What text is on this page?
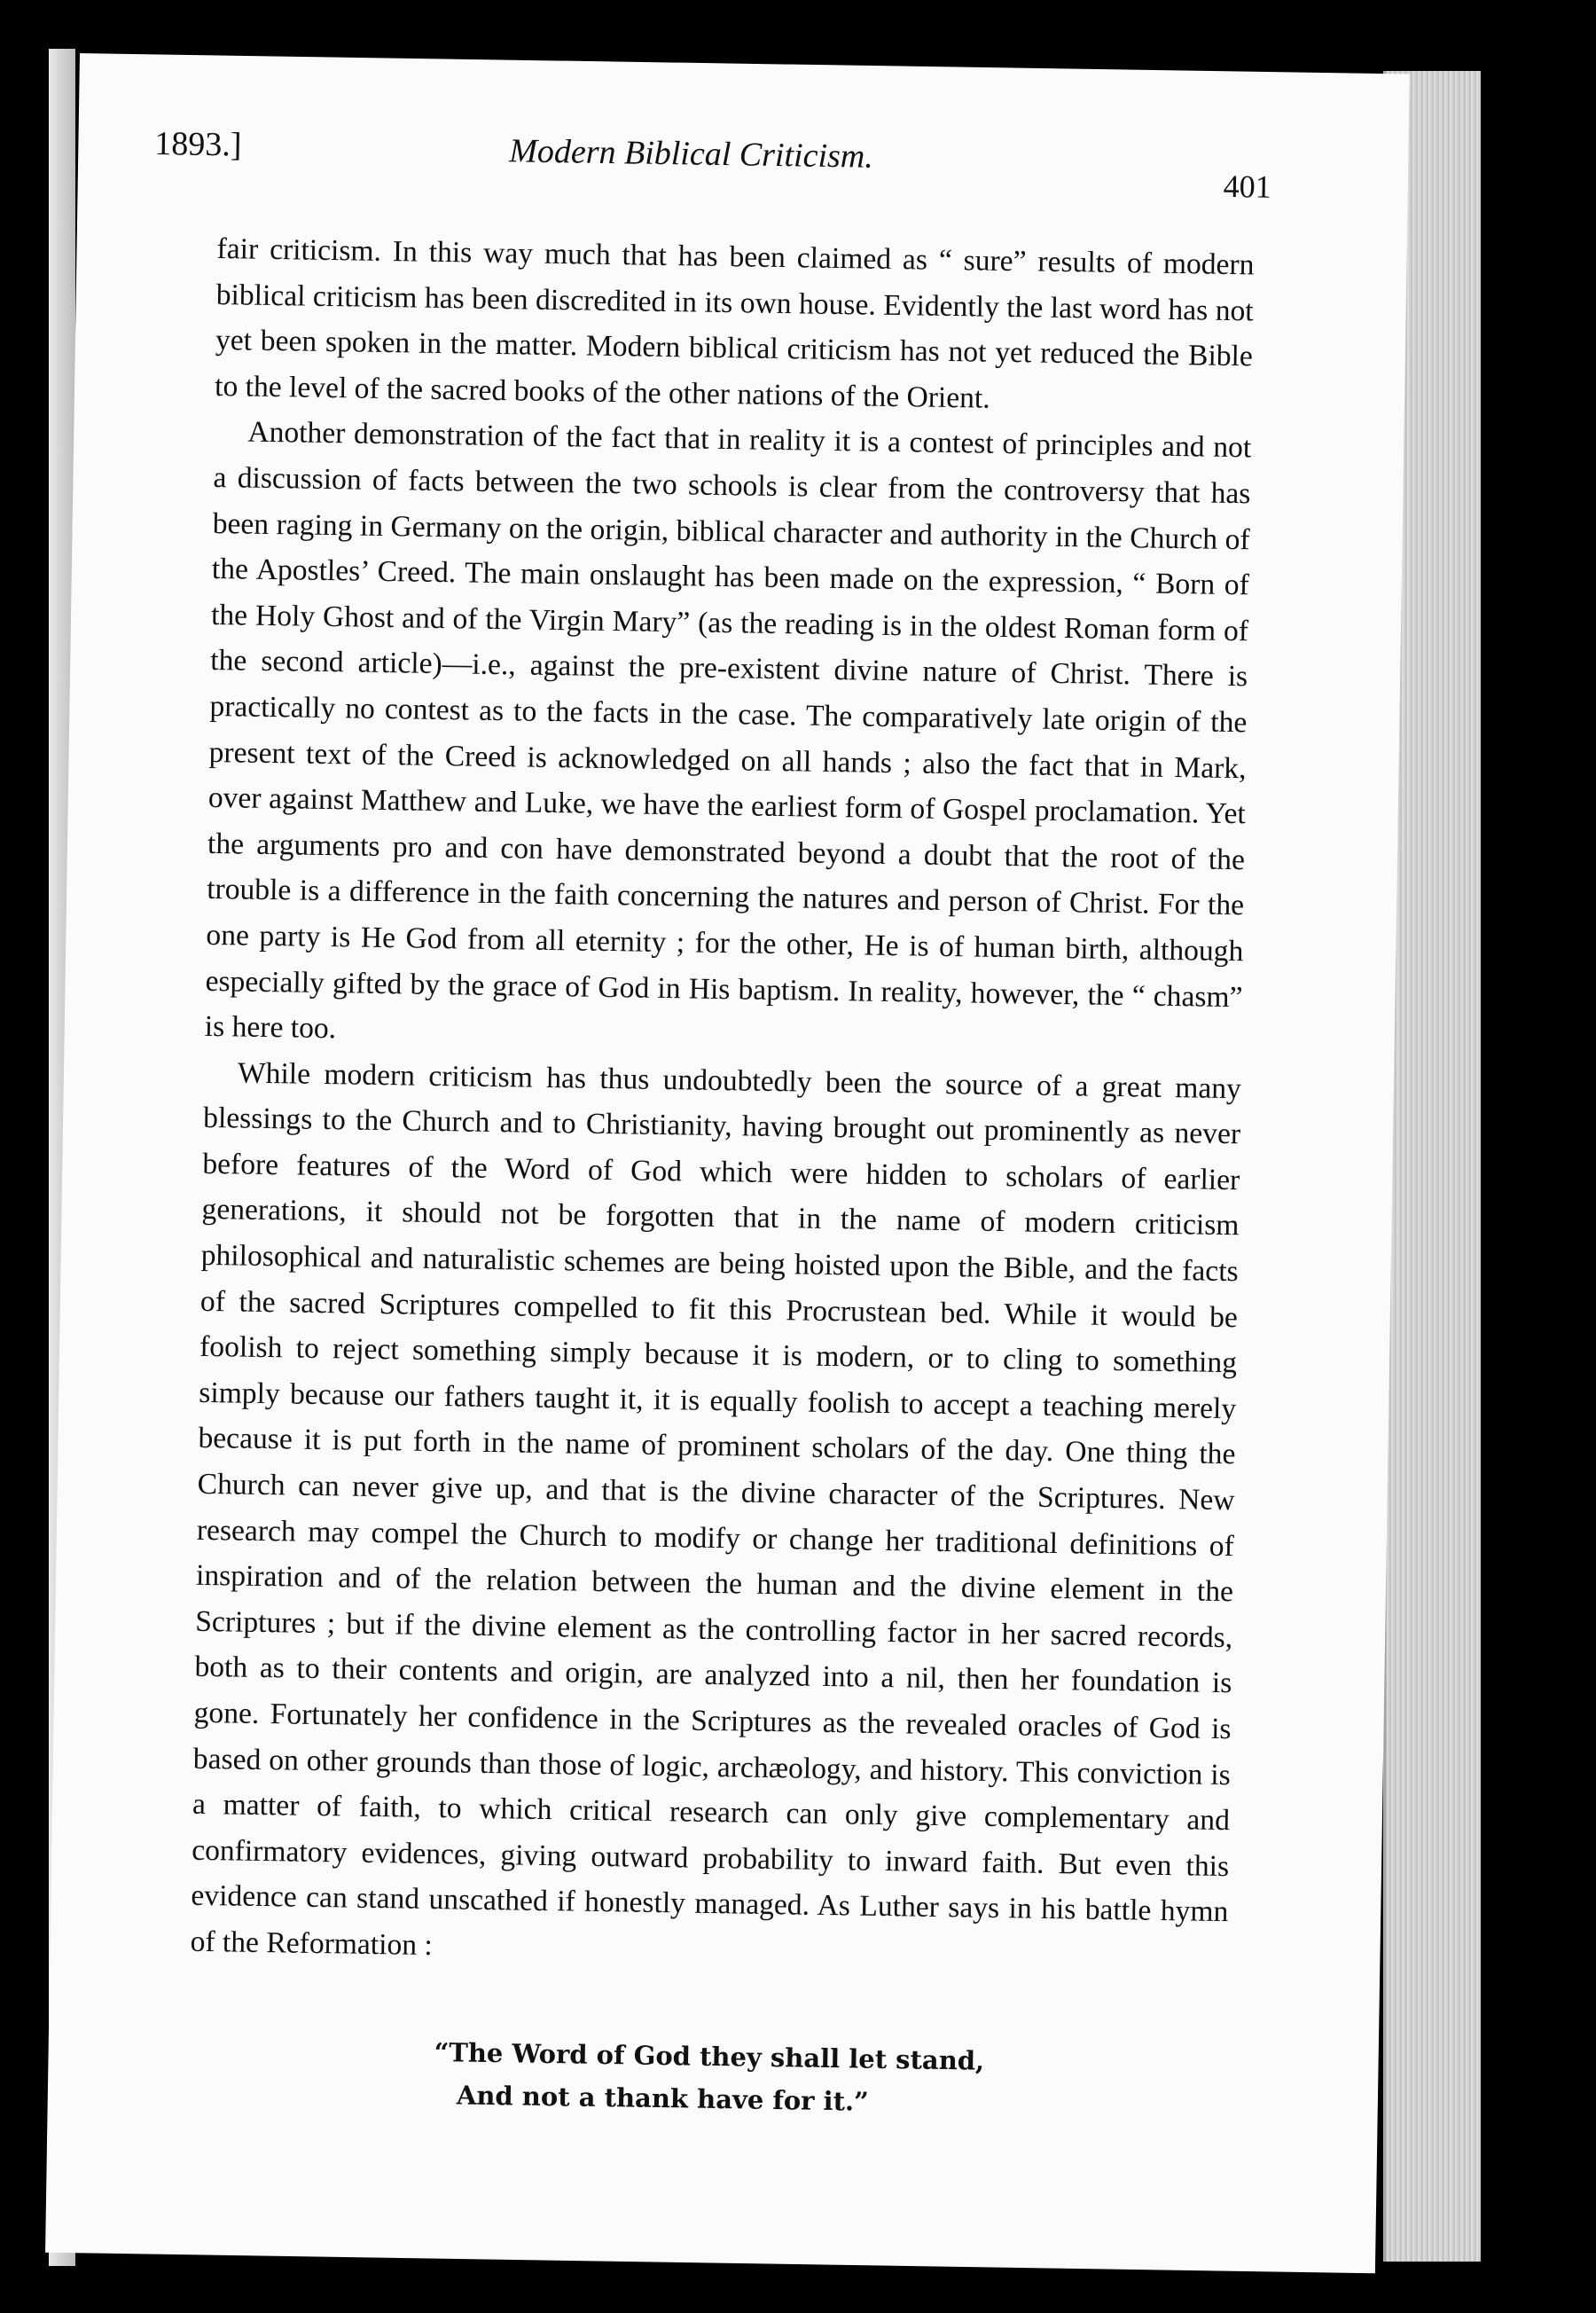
1893.]	Modern Biblical Criticism.
401

fair criticism. In this way much that has been claimed as “ sure” results of modern biblical criticism has been discredited in its own house. Evidently the last word has not yet been spoken in the matter. Modern biblical criticism has not yet reduced the Bible to the level of the sacred books of the other nations of the Orient.

Another demonstration of the fact that in reality it is a contest of principles and not a discussion of facts between the two schools is clear from the controversy that has been raging in Germany on the origin, biblical character and authority in the Church of the Apostles’ Creed. The main onslaught has been made on the expression, “ Born of the Holy Ghost and of the Virgin Mary” (as the reading is in the oldest Roman form of the second article)—i.e., against the pre-existent divine nature of Christ. There is practically no contest as to the facts in the case. The comparatively late origin of the present text of the Creed is acknowledged on all hands ; also the fact that in Mark, over against Matthew and Luke, we have the earliest form of Gospel proclamation. Yet the arguments pro and con have demonstrated beyond a doubt that the root of the trouble is a difference in the faith concerning the natures and person of Christ. For the one party is He God from all eternity ; for the other, He is of human birth, although especially gifted by the grace of God in His baptism. In reality, however, the “ chasm” is here too.

While modern criticism has thus undoubtedly been the source of a great many blessings to the Church and to Christianity, having brought out prominently as never before features of the Word of God which were hidden to scholars of earlier generations, it should not be forgotten that in the name of modern criticism philosophical and naturalistic schemes are being hoisted upon the Bible, and the facts of the sacred Scriptures compelled to fit this Procrustean bed. While it would be foolish to reject something simply because it is modern, or to cling to something simply because our fathers taught it, it is equally foolish to accept a teaching merely because it is put forth in the name of prominent scholars of the day. One thing the Church can never give up, and that is the divine character of the Scriptures. New research may compel the Church to modify or change her traditional definitions of inspiration and of the relation between the human and the divine element in the Scriptures ; but if the divine element as the controlling factor in her sacred records, both as to their contents and origin, are analyzed into a nil, then her foundation is gone. Fortunately her confidence in the Scriptures as the revealed oracles of God is based on other grounds than those of logic, archæology, and history. This conviction is a matter of faith, to which critical research can only give complementary and confirmatory evidences, giving outward probability to inward faith. But even this evidence can stand unscathed if honestly managed. As Luther says in his battle hymn of the Reformation :

“The Word of God they shall let stand,
And not a thank have for it.”
